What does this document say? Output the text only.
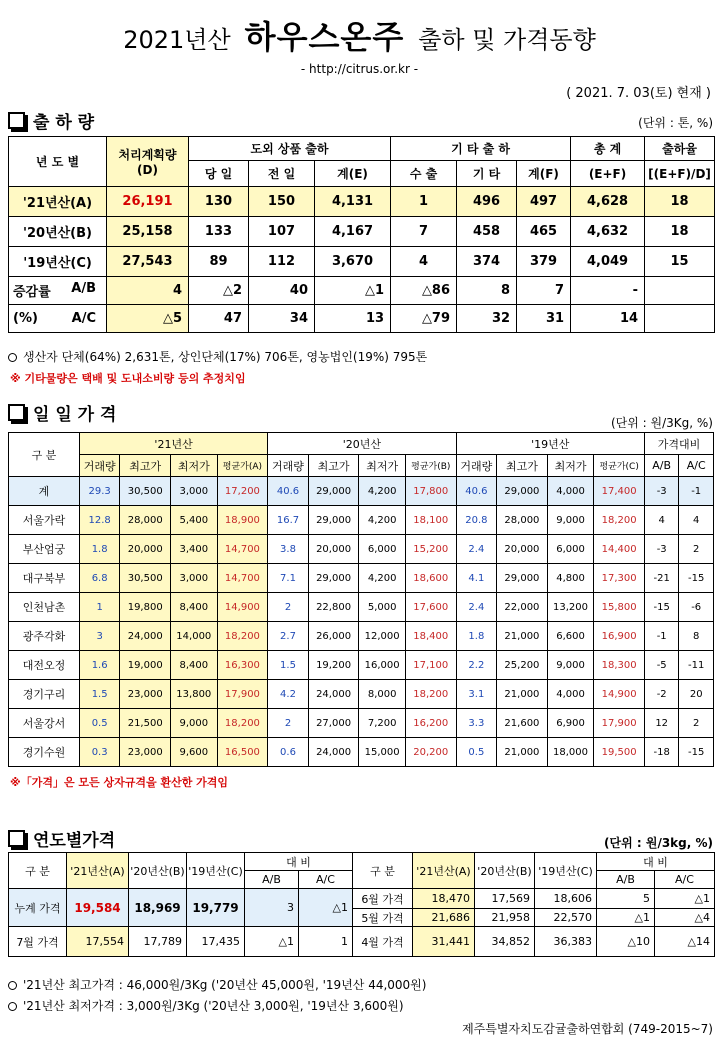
2021년산 하우스온주 출하 및 가격동향
- http://citrus.or.kr -
( 2021. 7. 03(토) 현재 )
출 하 량	(단위 : 톤, %)
년 도 별	처리계획량
(D)	도외 상품 출하			기 타 출 하			총 계	출하율
		당 일	전 일	계(E)	수 출	기 타	계(F)	(E+F)	[(E+F)/D]
'21년산(A)	26,191	130	150	4,131	1	496	497	4,628	18
'20년산(B)	25,158	133	107	4,167	7	458	465	4,632	18
'19년산(C)	27,543	89	112	3,670	4	374	379	4,049	15
증감률 A/B	4	△2	40	△1	△86	8	7	-	
(%) A/C	△5	47	34	13	△79	32	31	14	
생산자 단체(64%) 2,631톤, 상인단체(17%) 706톤, 영농법인(19%) 795톤
※ 기타물량은 택배 및 도내소비량 등의 추정치임
일 일 가 격	(단위 : 원/3Kg, %)
구 분	'21년산				'20년산				'19년산				가격대비	
	거래량	최고가	최저가	평균가(A)	거래량	최고가	최저가	평균가(B)	거래량	최고가	최저가	평균가(C)	A/B	A/C
계	29.3	30,500	3,000	17,200	40.6	29,000	4,200	17,800	40.6	29,000	4,000	17,400	-3	-1
서울가락	12.8	28,000	5,400	18,900	16.7	29,000	4,200	18,100	20.8	28,000	9,000	18,200	4	4
부산엄궁	1.8	20,000	3,400	14,700	3.8	20,000	6,000	15,200	2.4	20,000	6,000	14,400	-3	2
대구북부	6.8	30,500	3,000	14,700	7.1	29,000	4,200	18,600	4.1	29,000	4,800	17,300	-21	-15
인천남촌	1	19,800	8,400	14,900	2	22,800	5,000	17,600	2.4	22,000	13,200	15,800	-15	-6
광주각화	3	24,000	14,000	18,200	2.7	26,000	12,000	18,400	1.8	21,000	6,600	16,900	-1	8
대전오정	1.6	19,000	8,400	16,300	1.5	19,200	16,000	17,100	2.2	25,200	9,000	18,300	-5	-11
경기구리	1.5	23,000	13,800	17,900	4.2	24,000	8,000	18,200	3.1	21,000	4,000	14,900	-2	20
서울강서	0.5	21,500	9,000	18,200	2	27,000	7,200	16,200	3.3	21,600	6,900	17,900	12	2
경기수원	0.3	23,000	9,600	16,500	0.6	24,000	15,000	20,200	0.5	21,000	18,000	19,500	-18	-15
※「가격」은 모든 상자규격을 환산한 가격임
연도별가격	(단위 : 원/3kg, %)
구 분	'21년산(A)	'20년산(B)	'19년산(C)	대 비		구 분	'21년산(A)	'20년산(B)	'19년산(C)	대 비	
				A/B	A/C					A/B	A/C
누계 가격	19,584	18,969	19,779	3	△1	6월 가격	18,470	17,569	18,606	5	△1
						5월 가격	21,686	21,958	22,570	△1	△4
7월 가격	17,554	17,789	17,435	△1	1	4월 가격	31,441	34,852	36,383	△10	△14
'21년산 최고가격 : 46,000원/3Kg ('20년산 45,000원, '19년산 44,000원)
'21년산 최저가격 : 3,000원/3Kg ('20년산 3,000원, '19년산 3,600원)
제주특별자치도감귤출하연합회 (749-2015~7)
